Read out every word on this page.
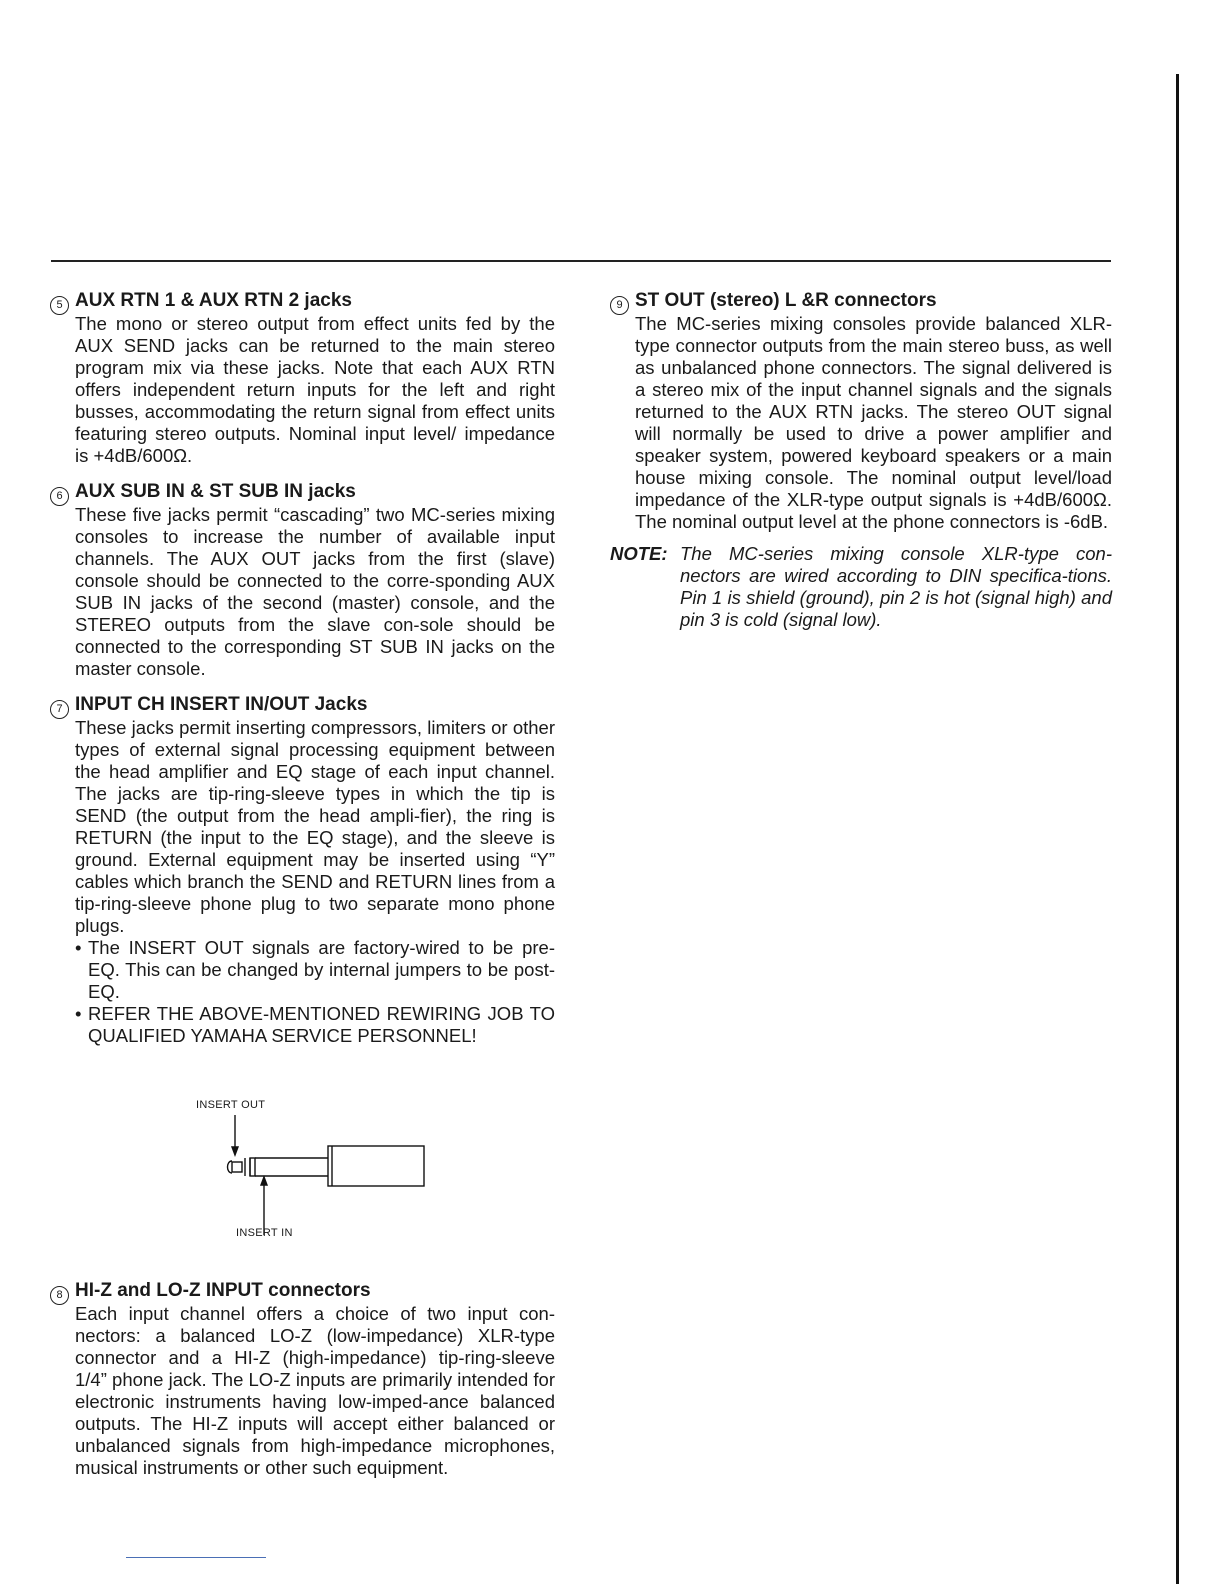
5 AUX RTN 1 & AUX RTN 2 jacks

The mono or stereo output from effect units fed by the AUX SEND jacks can be returned to the main stereo program mix via these jacks. Note that each AUX RTN offers independent return inputs for the left and right busses, accommodating the return signal from effect units featuring stereo outputs. Nominal input level/ impedance is +4dB/600Ω.

6 AUX SUB IN & ST SUB IN jacks

These five jacks permit “cascading” two MC-series mixing consoles to increase the number of available input channels. The AUX OUT jacks from the first (slave) console should be connected to the corre-sponding AUX SUB IN jacks of the second (master) console, and the STEREO outputs from the slave con-sole should be connected to the corresponding ST SUB IN jacks on the master console.

7 INPUT CH INSERT IN/OUT Jacks

These jacks permit inserting compressors, limiters or other types of external signal processing equipment between the head amplifier and EQ stage of each input channel. The jacks are tip-ring-sleeve types in which the tip is SEND (the output from the head ampli-fier), the ring is RETURN (the input to the EQ stage), and the sleeve is ground. External equipment may be inserted using “Y” cables which branch the SEND and RETURN lines from a tip-ring-sleeve phone plug to two separate mono phone plugs.

• The INSERT OUT signals are factory-wired to be pre-EQ. This can be changed by internal jumpers to be post-EQ.
• REFER THE ABOVE-MENTIONED REWIRING JOB TO QUALIFIED YAMAHA SERVICE PERSONNEL!
INSERT OUT
INSERT IN
8 HI-Z and LO-Z INPUT connectors

Each input channel offers a choice of two input con-nectors: a balanced LO-Z (low-impedance) XLR-type connector and a HI-Z (high-impedance) tip-ring-sleeve 1/4” phone jack. The LO-Z inputs are primarily intended for electronic instruments having low-imped-ance balanced outputs. The HI-Z inputs will accept either balanced or unbalanced signals from high-impedance microphones, musical instruments or other such equipment.

9 ST OUT (stereo) L &R connectors

The MC-series mixing consoles provide balanced XLR-type connector outputs from the main stereo buss, as well as unbalanced phone connectors. The signal delivered is a stereo mix of the input channel signals and the signals returned to the AUX RTN jacks. The stereo OUT signal will normally be used to drive a power amplifier and speaker system, powered keyboard speakers or a main house mixing console. The nominal output level/load impedance of the XLR-type output signals is +4dB/600Ω. The nominal output level at the phone connectors is -6dB.

NOTE: The MC-series mixing console XLR-type con-nectors are wired according to DIN specifica-tions. Pin 1 is shield (ground), pin 2 is hot (signal high) and pin 3 is cold (signal low).
